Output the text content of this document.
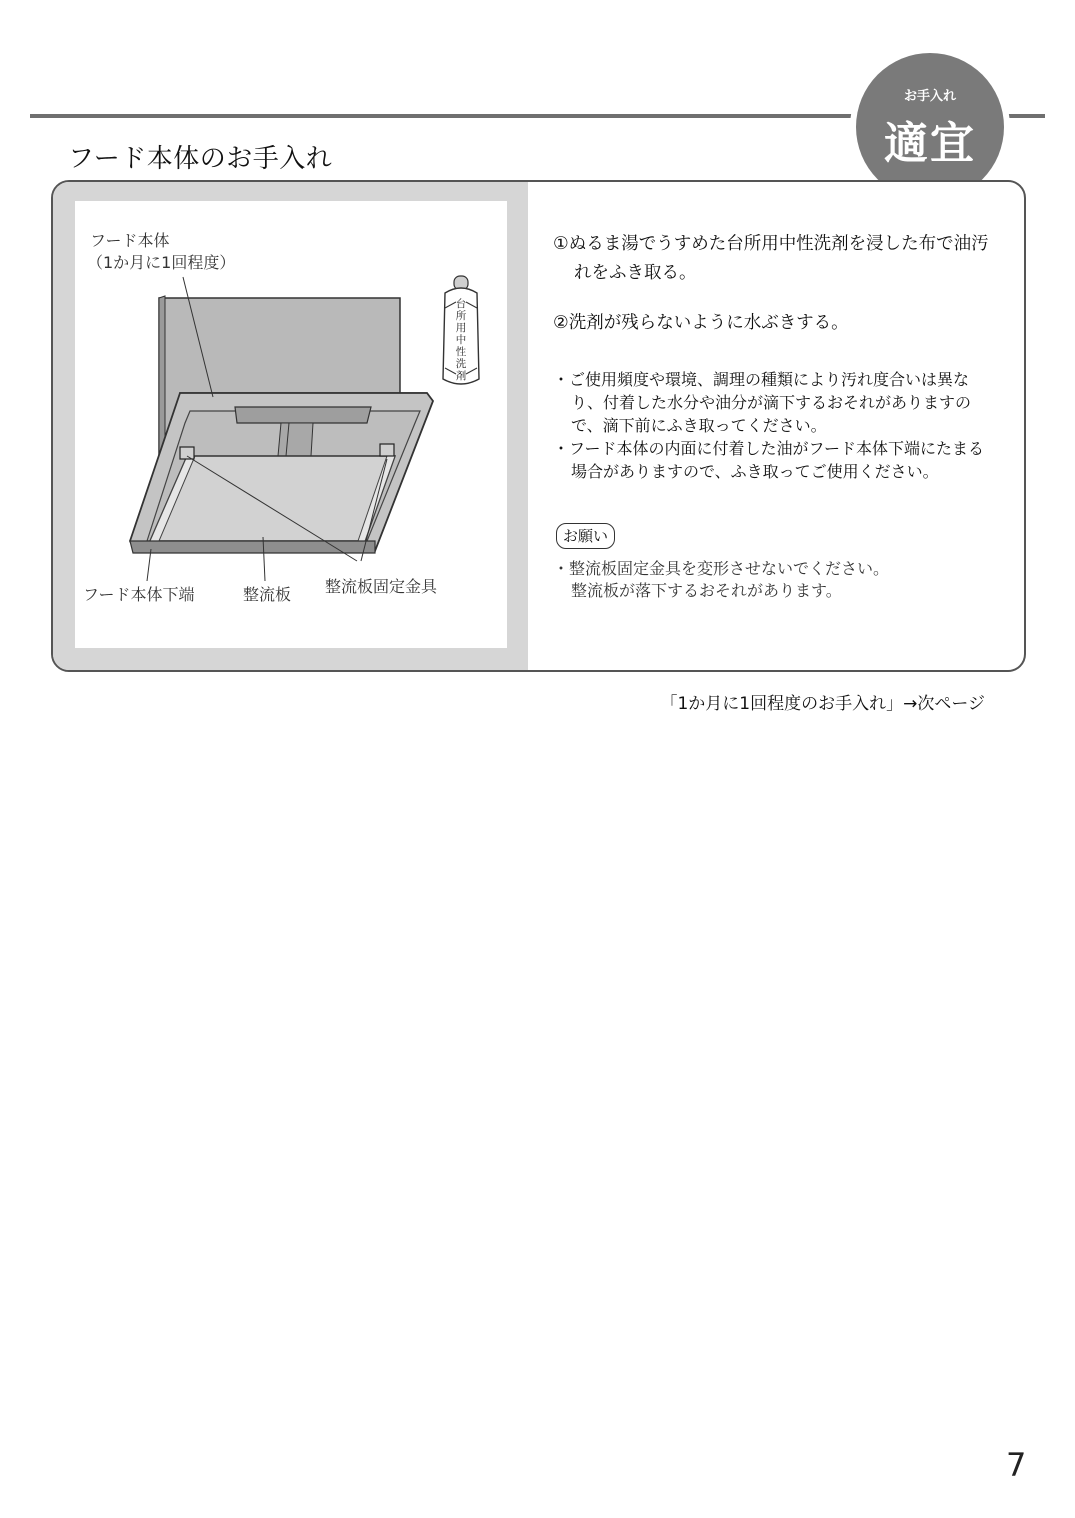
フード本体のお手入れ
お手入れ
適宜
台
所
用
中
性
洗
剤
フード本体
（1か月に1回程度）
フード本体下端	整流板 整流板固定金具

①ぬるま湯でうすめた台所用中性洗剤を浸した布で油汚れをふき取る。

②洗剤が残らないように水ぶきする。

・ご使用頻度や環境、調理の種類により汚れ度合いは異なり、付着した水分や油分が滴下するおそれがありますので、滴下前にふき取ってください。

・フード本体の内面に付着した油がフード本体下端にたまる場合がありますので、ふき取ってご使用ください。

お願い
・整流板固定金具を変形させないでください。
整流板が落下するおそれがあります。
「1か月に1回程度のお手入れ」→次ページ
7
